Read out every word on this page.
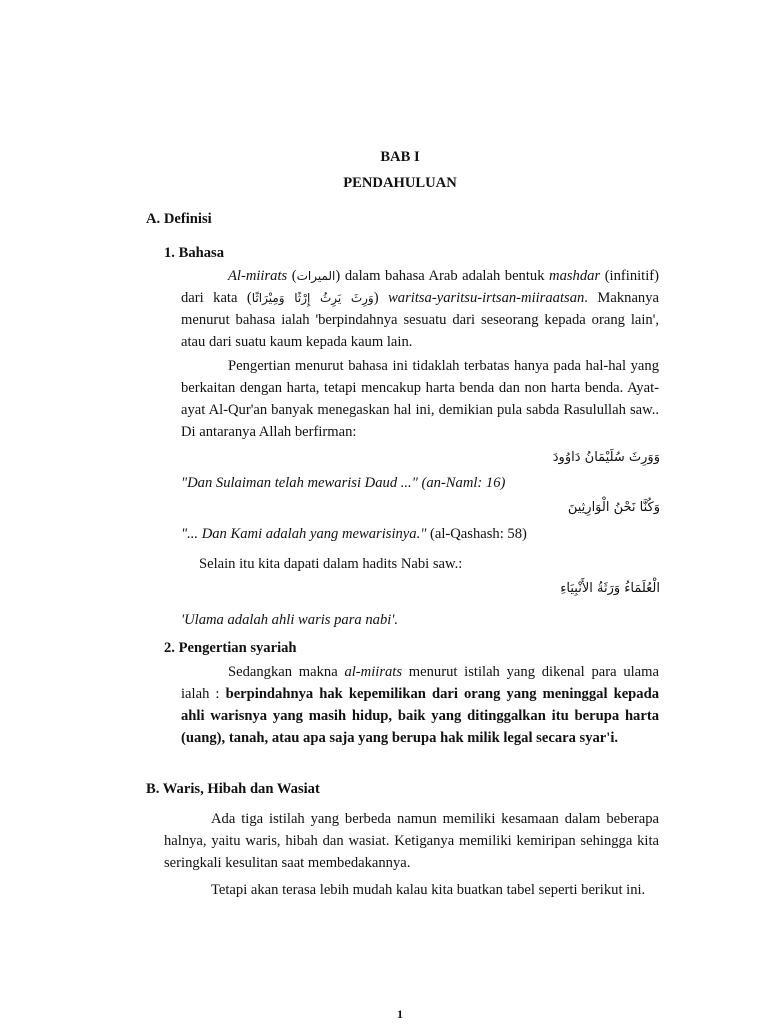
BAB I
PENDAHULUAN
A. Definisi
1. Bahasa
Al-miirats (الميرات) dalam bahasa Arab adalah bentuk mashdar (infinitif) dari kata (وَرِثَ يَرِثُ إِرْثًا وَمِيْرَاثًا) waritsa-yaritsu-irtsan-miiraatsan. Maknanya menurut bahasa ialah 'berpindahnya sesuatu dari seseorang kepada orang lain', atau dari suatu kaum kepada kaum lain.
Pengertian menurut bahasa ini tidaklah terbatas hanya pada hal-hal yang berkaitan dengan harta, tetapi mencakup harta benda dan non harta benda. Ayat-ayat Al-Qur'an banyak menegaskan hal ini, demikian pula sabda Rasulullah saw.. Di antaranya Allah berfirman:
وَوَرِثَ سُلَيْمَانُ دَاوُودَ
"Dan Sulaiman telah mewarisi Daud ..." (an-Naml: 16)
وَكُنَّا نَحْنُ الْوَارِثِينَ
"... Dan Kami adalah yang mewarisinya." (al-Qashash: 58)
Selain itu kita dapati dalam hadits Nabi saw.:
الْعُلَمَاءُ وَرَثَةُ الأَنْبِيَاءِ
'Ulama adalah ahli waris para nabi'.
2. Pengertian syariah
Sedangkan makna al-miirats menurut istilah yang dikenal para ulama ialah : berpindahnya hak kepemilikan dari orang yang meninggal kepada ahli warisnya yang masih hidup, baik yang ditinggalkan itu berupa harta (uang), tanah, atau apa saja yang berupa hak milik legal secara syar'i.
B. Waris, Hibah dan Wasiat
Ada tiga istilah yang berbeda namun memiliki kesamaan dalam beberapa halnya, yaitu waris, hibah dan wasiat. Ketiganya memiliki kemiripan sehingga kita seringkali kesulitan saat membedakannya.
Tetapi akan terasa lebih mudah kalau kita buatkan tabel seperti berikut ini.
1
